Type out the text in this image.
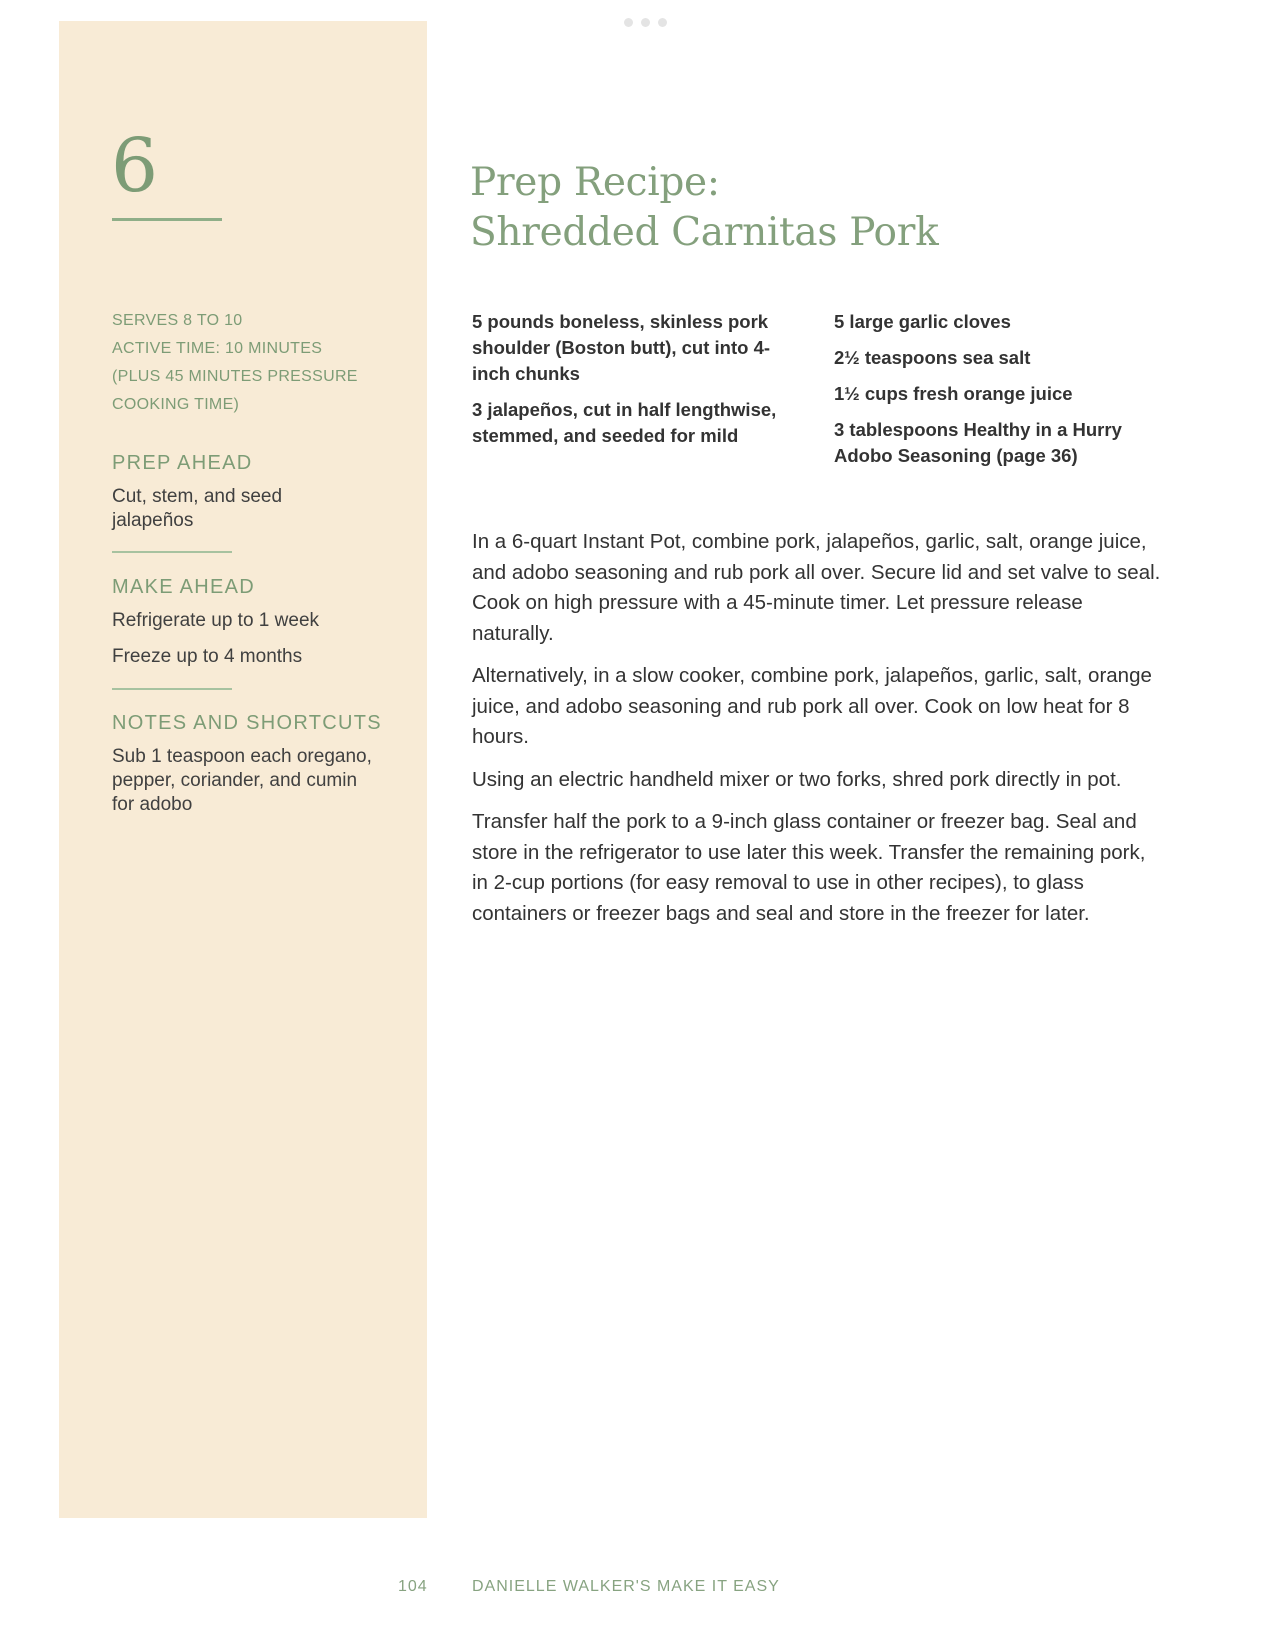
6
SERVES 8 TO 10
ACTIVE TIME: 10 MINUTES
(PLUS 45 MINUTES PRESSURE
COOKING TIME)
PREP AHEAD
Cut, stem, and seed jalapeños
MAKE AHEAD
Refrigerate up to 1 week
Freeze up to 4 months
NOTES AND SHORTCUTS
Sub 1 teaspoon each oregano, pepper, coriander, and cumin for adobo
Prep Recipe:
Shredded Carnitas Pork

5 pounds boneless, skinless pork shoulder (Boston butt), cut into 4-inch chunks

3 jalapeños, cut in half lengthwise, stemmed, and seeded for mild

5 large garlic cloves

2½ teaspoons sea salt

1½ cups fresh orange juice

3 tablespoons Healthy in a Hurry Adobo Seasoning (page 36)

In a 6-quart Instant Pot, combine pork, jalapeños, garlic, salt, orange juice, and adobo seasoning and rub pork all over. Secure lid and set valve to seal. Cook on high pressure with a 45-minute timer. Let pressure release naturally.

Alternatively, in a slow cooker, combine pork, jalapeños, garlic, salt, orange juice, and adobo seasoning and rub pork all over. Cook on low heat for 8 hours.

Using an electric handheld mixer or two forks, shred pork directly in pot.

Transfer half the pork to a 9-inch glass container or freezer bag. Seal and store in the refrigerator to use later this week. Transfer the remaining pork, in 2-cup portions (for easy removal to use in other recipes), to glass containers or freezer bags and seal and store in the freezer for later.

104	DANIELLE WALKER'S MAKE IT EASY
